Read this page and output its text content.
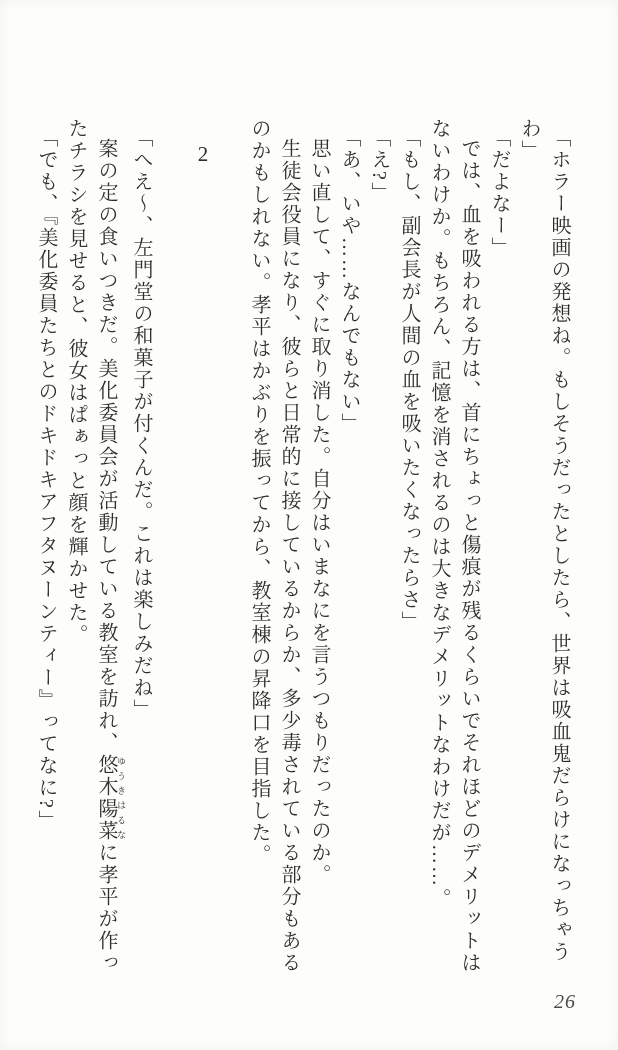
「ホラー映画の発想ね。もしそうだったとしたら、世界は吸血鬼だらけになっちゃうわ」

「だよなー」

では、血を吸われる方は、首にちょっと傷痕が残るくらいでそれほどのデメリットはないわけか。もちろん、記憶を消されるのは大きなデメリットなわけだが……。

「もし、副会長が人間の血を吸いたくなったらさ」

「え?」

「あ、いや……なんでもない」

思い直して、すぐに取り消した。自分はいまなにを言うつもりだったのか。

生徒会役員になり、彼らと日常的に接しているからか、多少毒されている部分もあるのかもしれない。孝平はかぶりを振ってから、教室棟の昇降口を目指した。

2

「へえ〜、左門堂の和菓子が付くんだ。これは楽しみだね」

案の定の食いつきだ。美化委員会が活動している教室を訪れ、悠木 ゆうき陽菜 はるなに孝平が作ったチラシを見せると、彼女はぱぁっと顔を輝かせた。

「でも、『美化委員たちとのドキドキアフタヌーンティー』ってなに?」

26
